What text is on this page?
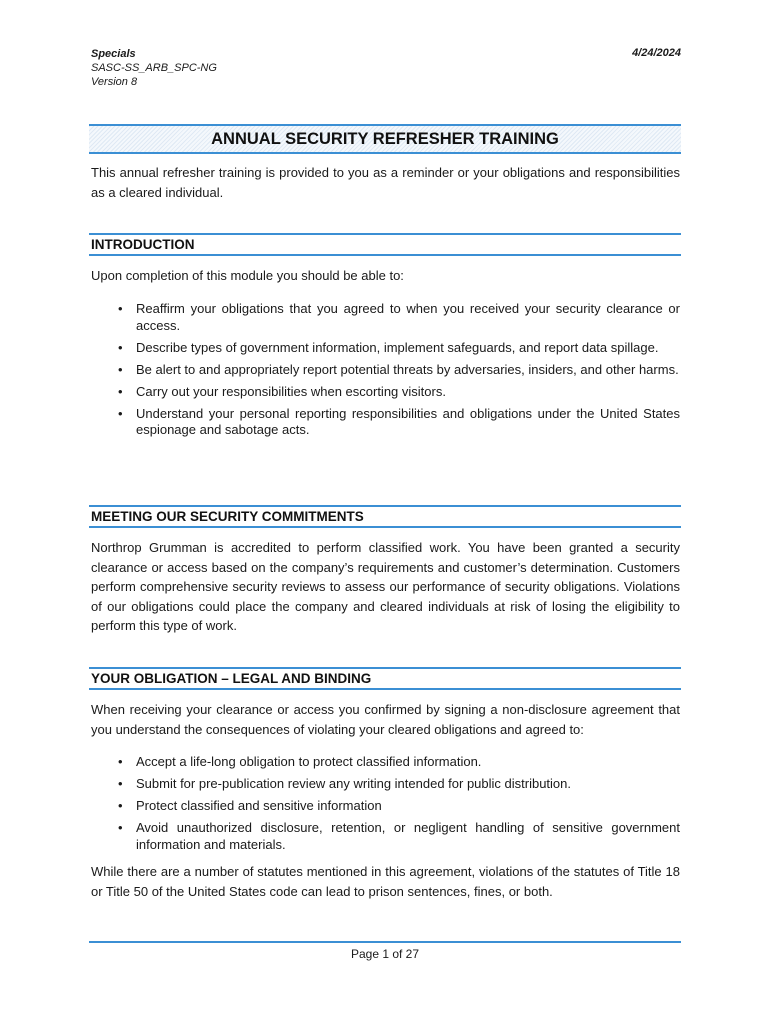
Specials
SASC-SS_ARB_SPC-NG
Version 8
4/24/2024
ANNUAL SECURITY REFRESHER TRAINING
This annual refresher training is provided to you as a reminder or your obligations and responsibilities as a cleared individual.
INTRODUCTION
Upon completion of this module you should be able to:
• Reaffirm your obligations that you agreed to when you received your security clearance or access.
• Describe types of government information, implement safeguards, and report data spillage.
• Be alert to and appropriately report potential threats by adversaries, insiders, and other harms.
• Carry out your responsibilities when escorting visitors.
• Understand your personal reporting responsibilities and obligations under the United States espionage and sabotage acts.
MEETING OUR SECURITY COMMITMENTS
Northrop Grumman is accredited to perform classified work. You have been granted a security clearance or access based on the company’s requirements and customer’s determination. Customers perform comprehensive security reviews to assess our performance of security obligations. Violations of our obligations could place the company and cleared individuals at risk of losing the eligibility to perform this type of work.
YOUR OBLIGATION – LEGAL AND BINDING
When receiving your clearance or access you confirmed by signing a non-disclosure agreement that you understand the consequences of violating your cleared obligations and agreed to:
• Accept a life-long obligation to protect classified information.
• Submit for pre-publication review any writing intended for public distribution.
• Protect classified and sensitive information
• Avoid unauthorized disclosure, retention, or negligent handling of sensitive government information and materials.
While there are a number of statutes mentioned in this agreement, violations of the statutes of Title 18 or Title 50 of the United States code can lead to prison sentences, fines, or both.
Page 1 of 27
